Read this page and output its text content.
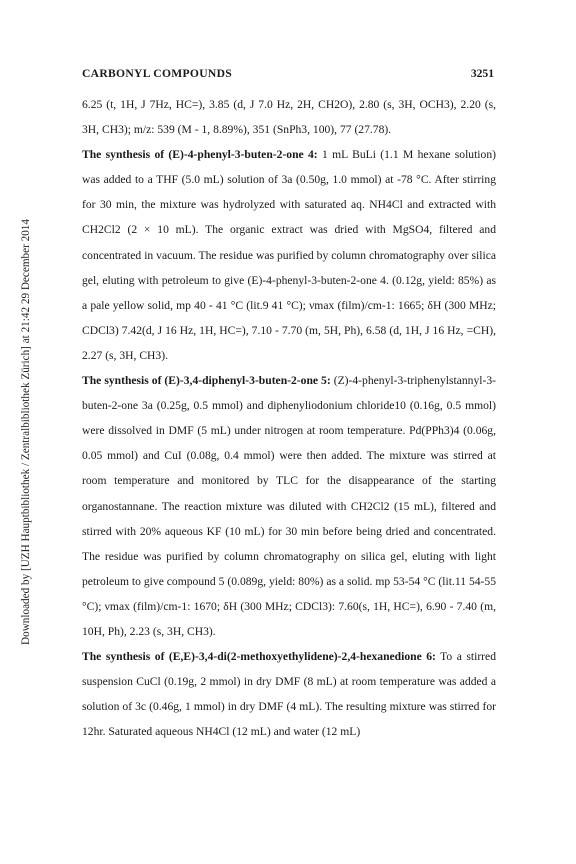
Downloaded by [UZH Hauptbibliothek / Zentralbibliothek Zürich] at 21:42 29 December 2014
CARBONYL COMPOUNDS	3251

6.25 (t, 1H, J 7Hz, HC=), 3.85 (d, J 7.0 Hz, 2H, CH2O), 2.80 (s, 3H, OCH3), 2.20 (s, 3H, CH3); m/z: 539 (M - 1, 8.89%), 351 (SnPh3, 100), 77 (27.78).

The synthesis of (E)-4-phenyl-3-buten-2-one 4: 1 mL BuLi (1.1 M hexane solution) was added to a THF (5.0 mL) solution of 3a (0.50g, 1.0 mmol) at -78 °C. After stirring for 30 min, the mixture was hydrolyzed with saturated aq. NH4Cl and extracted with CH2Cl2 (2 × 10 mL). The organic extract was dried with MgSO4, filtered and concentrated in vacuum. The residue was purified by column chromatography over silica gel, eluting with petroleum to give (E)-4-phenyl-3-buten-2-one 4. (0.12g, yield: 85%) as a pale yellow solid, mp 40 - 41 °C (lit.9 41 °C); νmax (film)/cm-1: 1665; δH (300 MHz; CDCl3) 7.42(d, J 16 Hz, 1H, HC=), 7.10 - 7.70 (m, 5H, Ph), 6.58 (d, 1H, J 16 Hz, =CH), 2.27 (s, 3H, CH3).

The synthesis of (E)-3,4-diphenyl-3-buten-2-one 5: (Z)-4-phenyl-3-triphenylstannyl-3-buten-2-one 3a (0.25g, 0.5 mmol) and diphenyliodonium chloride10 (0.16g, 0.5 mmol) were dissolved in DMF (5 mL) under nitrogen at room temperature. Pd(PPh3)4 (0.06g, 0.05 mmol) and CuI (0.08g, 0.4 mmol) were then added. The mixture was stirred at room temperature and monitored by TLC for the disappearance of the starting organostannane. The reaction mixture was diluted with CH2Cl2 (15 mL), filtered and stirred with 20% aqueous KF (10 mL) for 30 min before being dried and concentrated. The residue was purified by column chromatography on silica gel, eluting with light petroleum to give compound 5 (0.089g, yield: 80%) as a solid. mp 53-54 °C (lit.11 54-55 °C); νmax (film)/cm-1: 1670; δH (300 MHz; CDCl3): 7.60(s, 1H, HC=), 6.90 - 7.40 (m, 10H, Ph), 2.23 (s, 3H, CH3).

The synthesis of (E,E)-3,4-di(2-methoxyethylidene)-2,4-hexanedione 6: To a stirred suspension CuCl (0.19g, 2 mmol) in dry DMF (8 mL) at room temperature was added a solution of 3c (0.46g, 1 mmol) in dry DMF (4 mL). The resulting mixture was stirred for 12hr. Saturated aqueous NH4Cl (12 mL) and water (12 mL)
